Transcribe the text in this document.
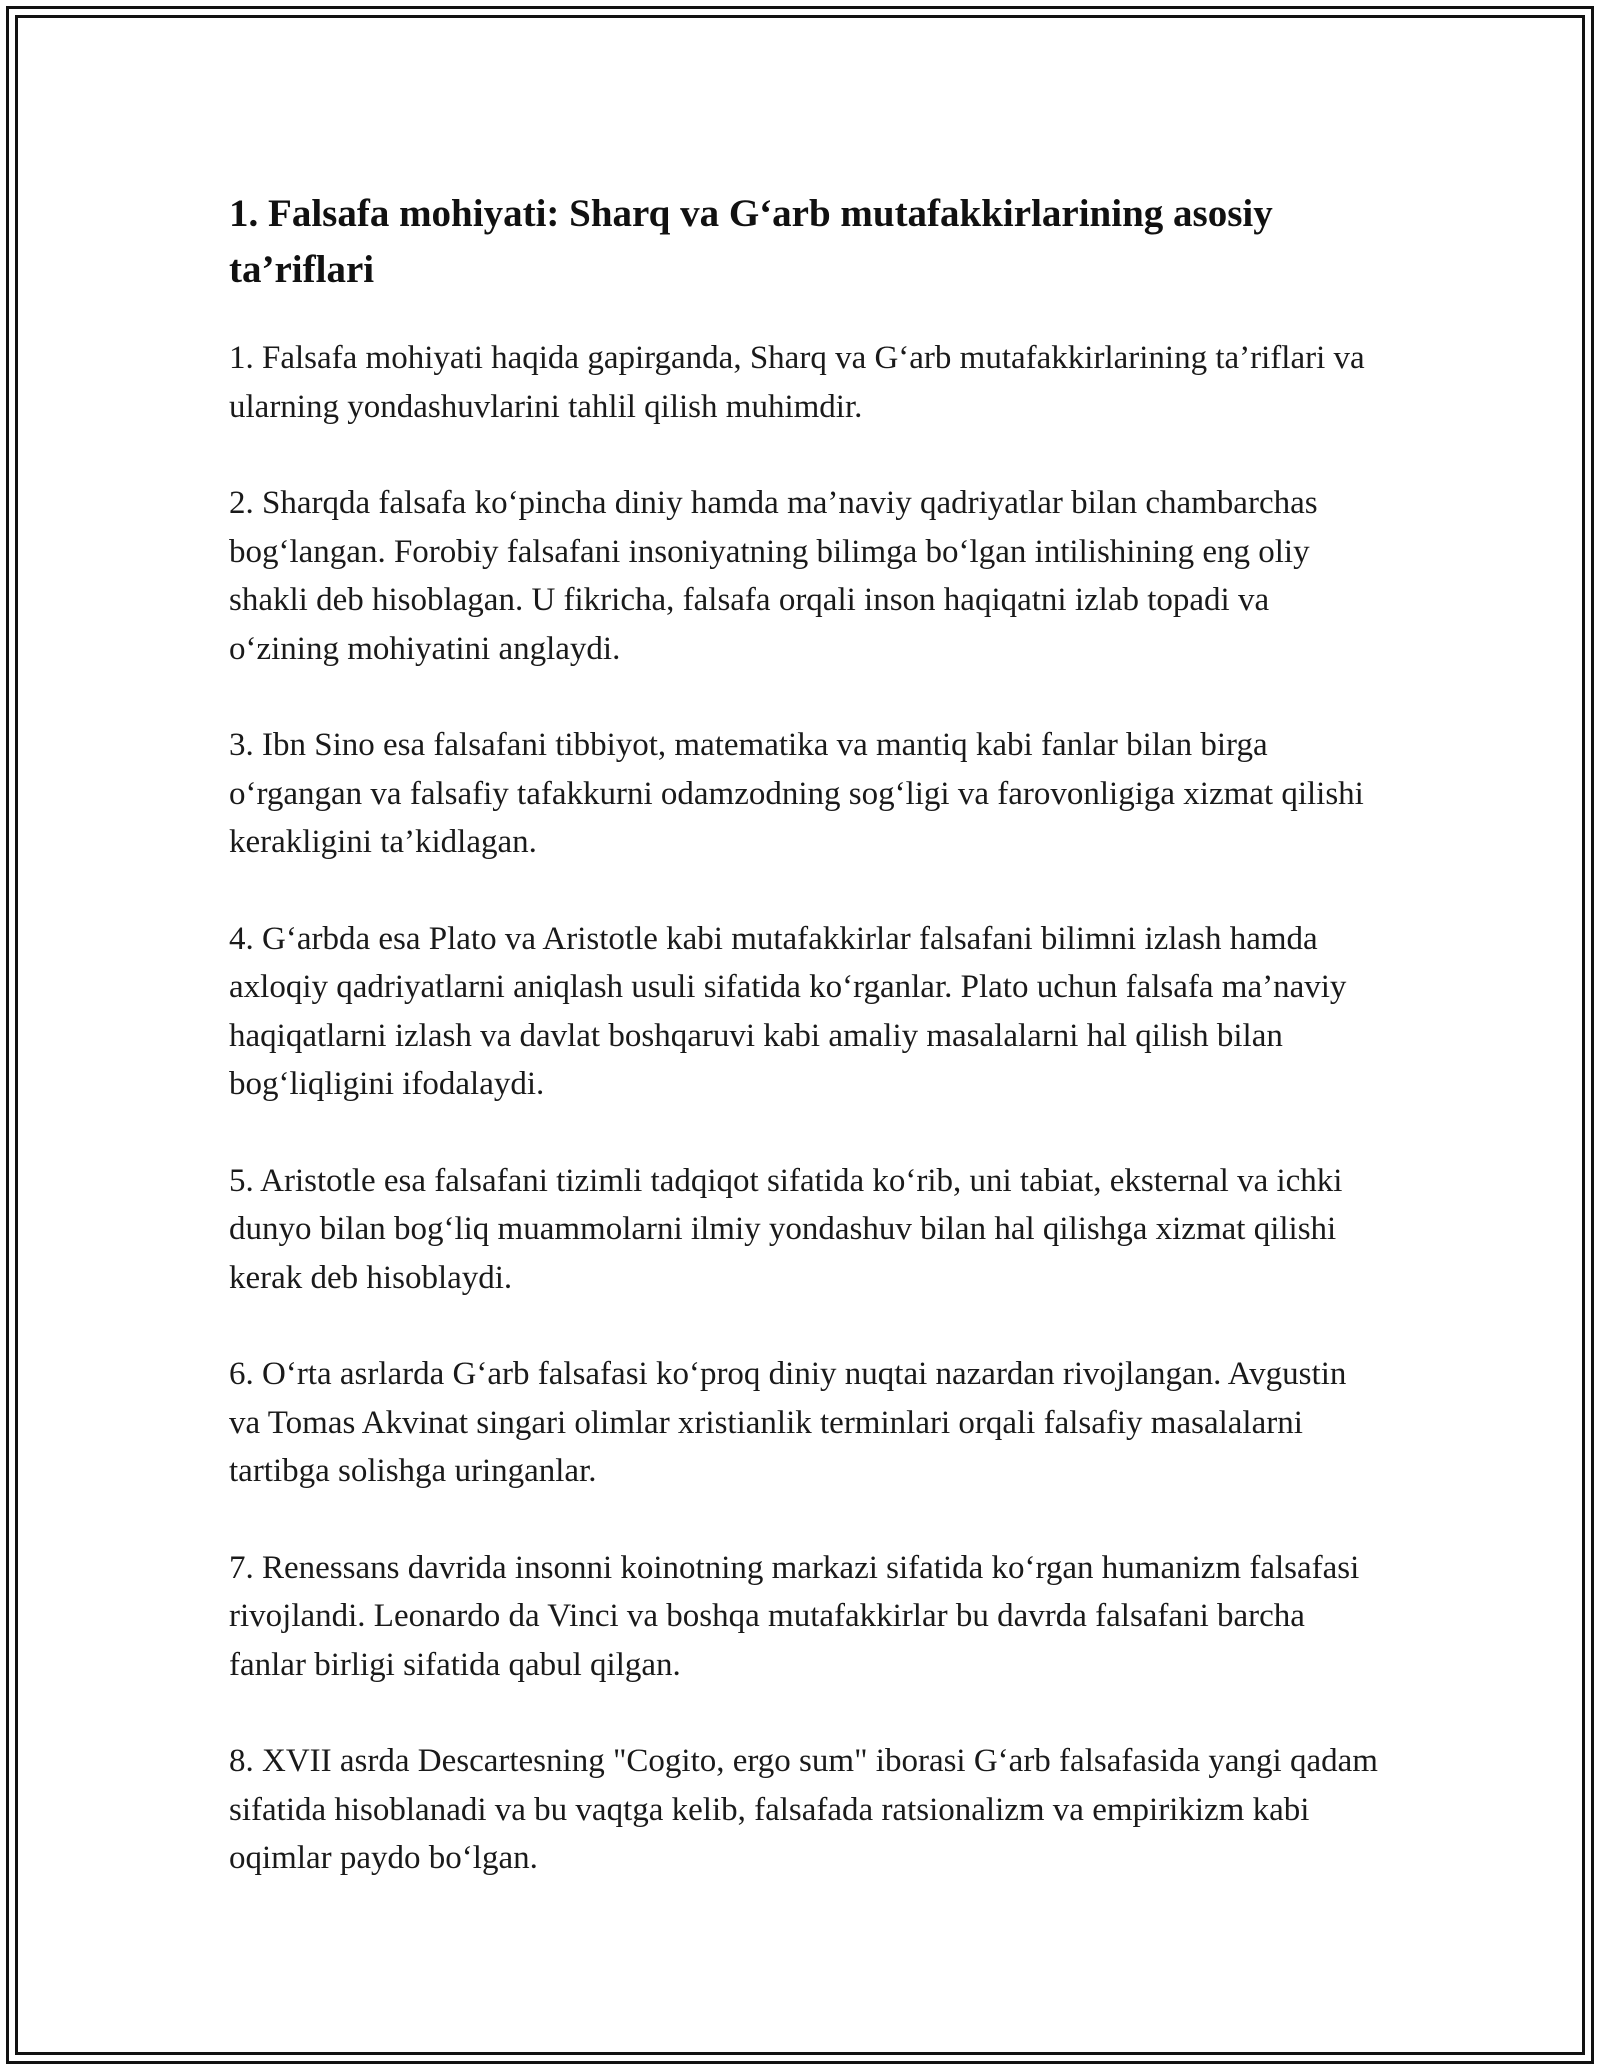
1. Falsafa mohiyati: Sharq va G‘arb mutafakkirlarining asosiy ta’riflari

1. Falsafa mohiyati haqida gapirganda, Sharq va G‘arb mutafakkirlarining ta’riflari va ularning yondashuvlarini tahlil qilish muhimdir.

2. Sharqda falsafa ko‘pincha diniy hamda ma’naviy qadriyatlar bilan chambarchas bog‘langan. Forobiy falsafani insoniyatning bilimga bo‘lgan intilishining eng oliy shakli deb hisoblagan. U fikricha, falsafa orqali inson haqiqatni izlab topadi va o‘zining mohiyatini anglaydi.

3. Ibn Sino esa falsafani tibbiyot, matematika va mantiq kabi fanlar bilan birga o‘rgangan va falsafiy tafakkurni odamzodning sog‘ligi va farovonligiga xizmat qilishi kerakligini ta’kidlagan.

4. G‘arbda esa Plato va Aristotle kabi mutafakkirlar falsafani bilimni izlash hamda axloqiy qadriyatlarni aniqlash usuli sifatida ko‘rganlar. Plato uchun falsafa ma’naviy haqiqatlarni izlash va davlat boshqaruvi kabi amaliy masalalarni hal qilish bilan bog‘liqligini ifodalaydi.

5. Aristotle esa falsafani tizimli tadqiqot sifatida ko‘rib, uni tabiat, eksternal va ichki dunyo bilan bog‘liq muammolarni ilmiy yondashuv bilan hal qilishga xizmat qilishi kerak deb hisoblaydi.

6. O‘rta asrlarda G‘arb falsafasi ko‘proq diniy nuqtai nazardan rivojlangan. Avgustin va Tomas Akvinat singari olimlar xristianlik terminlari orqali falsafiy masalalarni tartibga solishga uringanlar.

7. Renessans davrida insonni koinotning markazi sifatida ko‘rgan humanizm falsafasi rivojlandi. Leonardo da Vinci va boshqa mutafakkirlar bu davrda falsafani barcha fanlar birligi sifatida qabul qilgan.

8. XVII asrda Descartesning "Cogito, ergo sum" iborasi G‘arb falsafasida yangi qadam sifatida hisoblanadi va bu vaqtga kelib, falsafada ratsionalizm va empirikizm kabi oqimlar paydo bo‘lgan.
